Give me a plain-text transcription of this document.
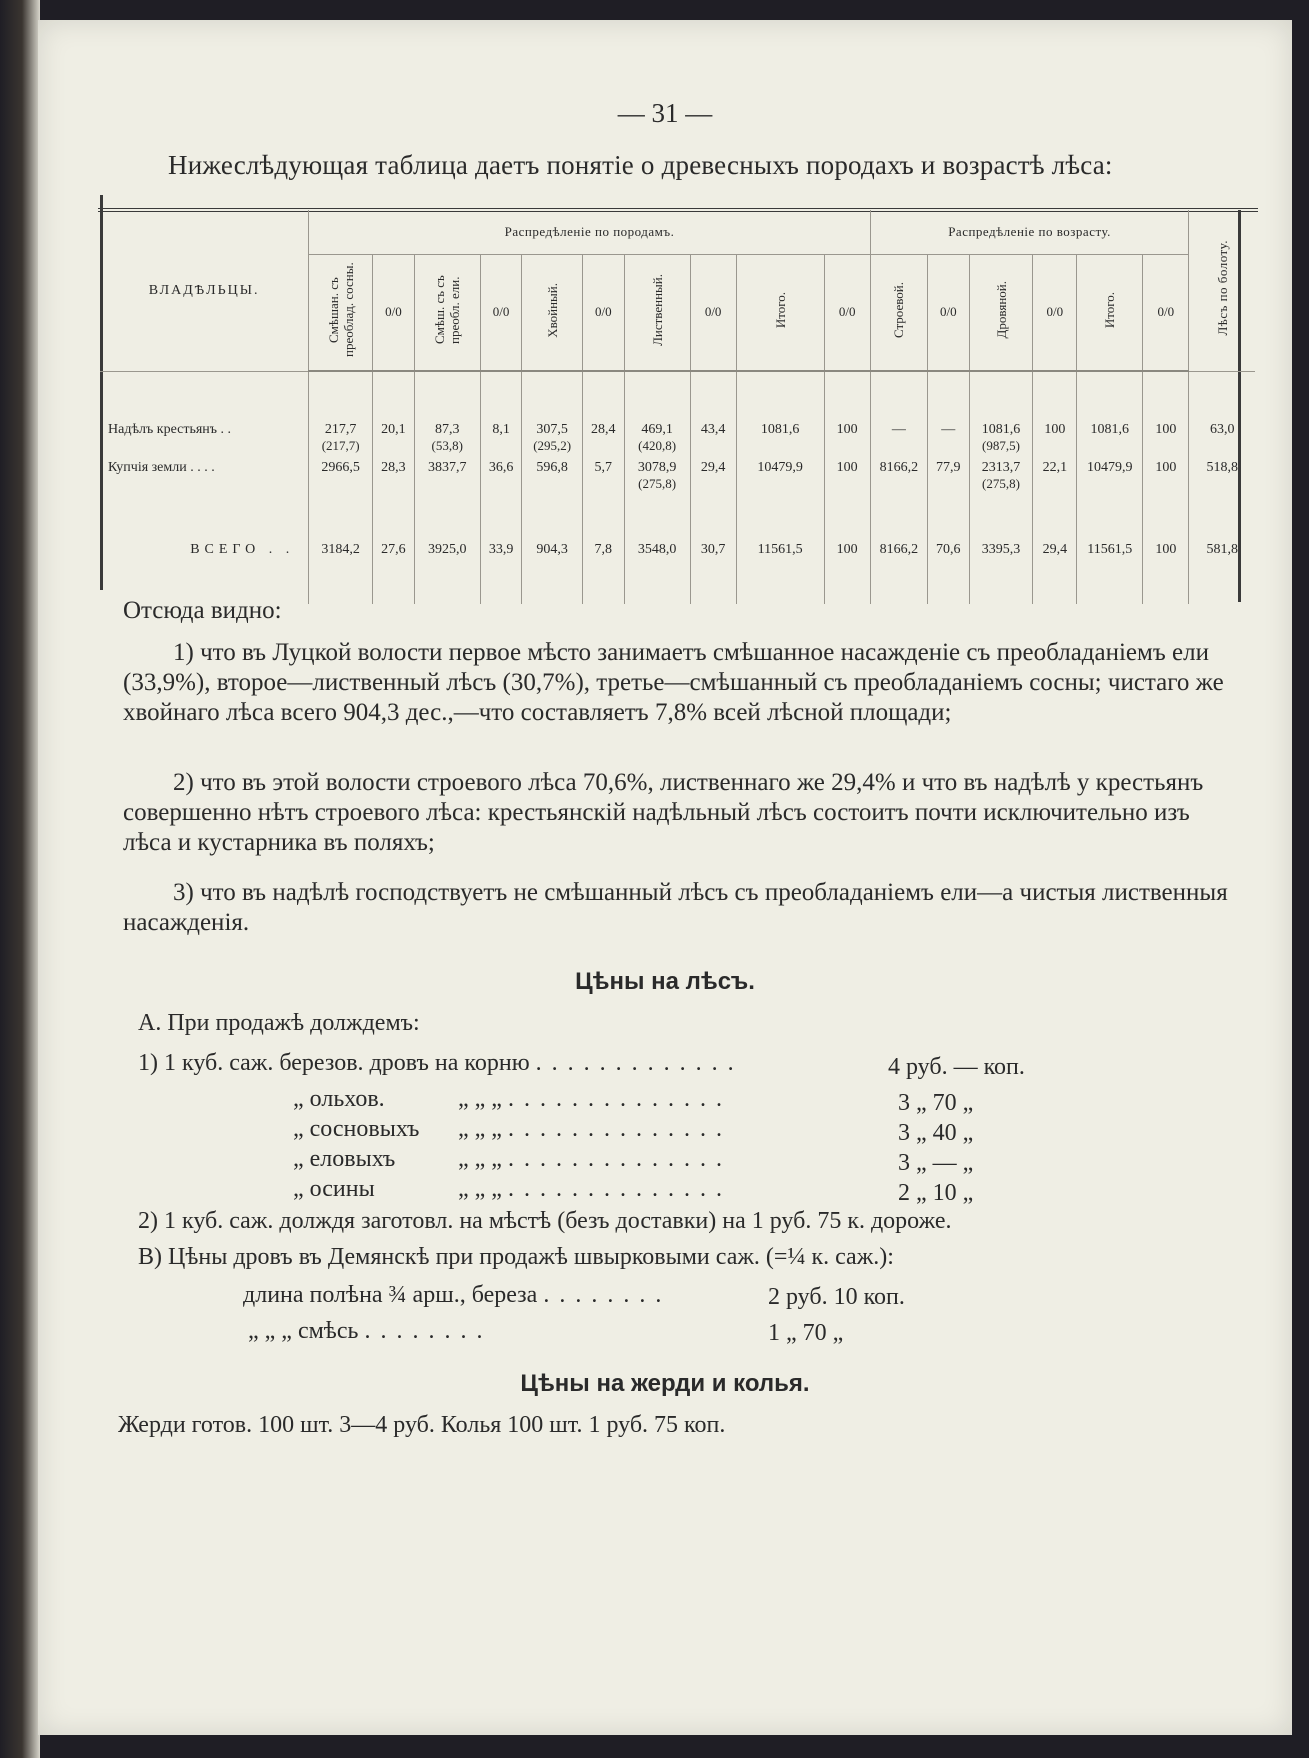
— 31 —
Нижеслѣдующая таблица даетъ понятіе о древесныхъ породахъ и возрастѣ лѣса:
ВЛАДѢЛЬЦЫ.	Распредѣленіе по породамъ.										Распредѣленіе по возрасту.						Лѣсъ по болоту.
	Смѣшан. съ преоблад. сосны.	0/0	Смѣш. съ съ преобл. ели.	0/0	Хвойный.	0/0	Лиственный.	0/0	Итого.	0/0	Строевой.	0/0	Дровяной.	0/0	Итого.	0/0	

Надѣлъ крестьянъ . .	217,7	20,1	87,3	8,1	307,5	28,4	469,1	43,4	1081,6	100	—	—	1081,6	100	1081,6	100	63,0
	(217,7)		(53,8)		(295,2)		(420,8)						(987,5)				
Купчія земли . . . .	2966,5	28,3	3837,7	36,6	596,8	5,7	3078,9	29,4	10479,9	100	8166,2	77,9	2313,7	22,1	10479,9	100	518,8
							(275,8)						(275,8)				

ВСЕГО . .	3184,2	27,6	3925,0	33,9	904,3	7,8	3548,0	30,7	11561,5	100	8166,2	70,6	3395,3	29,4	11561,5	100	581,8

Отсюда видно:
1) что въ Луцкой волости первое мѣсто занимаетъ смѣшанное насажденіе съ преобладаніемъ ели (33,9%), второе—лиственный лѣсъ (30,7%), третье—смѣшанный съ преобладаніемъ сосны; чистаго же хвойнаго лѣса всего 904,3 дес.,—что составляетъ 7,8% всей лѣсной площади;
2) что въ этой волости строевого лѣса 70,6%, лиственнаго же 29,4% и что въ надѣлѣ у крестьянъ совершенно нѣтъ строевого лѣса: крестьянскій надѣльный лѣсъ состоитъ почти исключительно изъ лѣса и кустарника въ поляхъ;
3) что въ надѣлѣ господствуетъ не смѣшанный лѣсъ съ преобладаніемъ ели—а чистыя лиственныя насажденія.
Цѣны на лѣсъ.
А. При продажѣ долждемъ:
1) 1 куб. саж. березов. дровъ на корню .............	4 руб. — коп.
„ ольхов.	„ „ „ ..............	3 „ 70 „
„ сосновыхъ „ „ „ ..............	3 „ 40 „
„ еловыхъ	„ „ „ ..............	3 „ — „
„ осины	„ „ „ ..............	2 „ 10 „
2) 1 куб. саж. долждя заготовл. на мѣстѣ (безъ доставки) на 1 руб. 75 к. дороже.
В) Цѣны дровъ въ Демянскѣ при продажѣ швырковыми саж. (=¼ к. саж.):
длина полѣна ¾ арш., береза ........	2 руб. 10 коп.
„ „ „ смѣсь ........	1 „ 70 „
Цѣны на жерди и колья.
Жерди готов. 100 шт. 3—4 руб. Колья 100 шт. 1 руб. 75 коп.
